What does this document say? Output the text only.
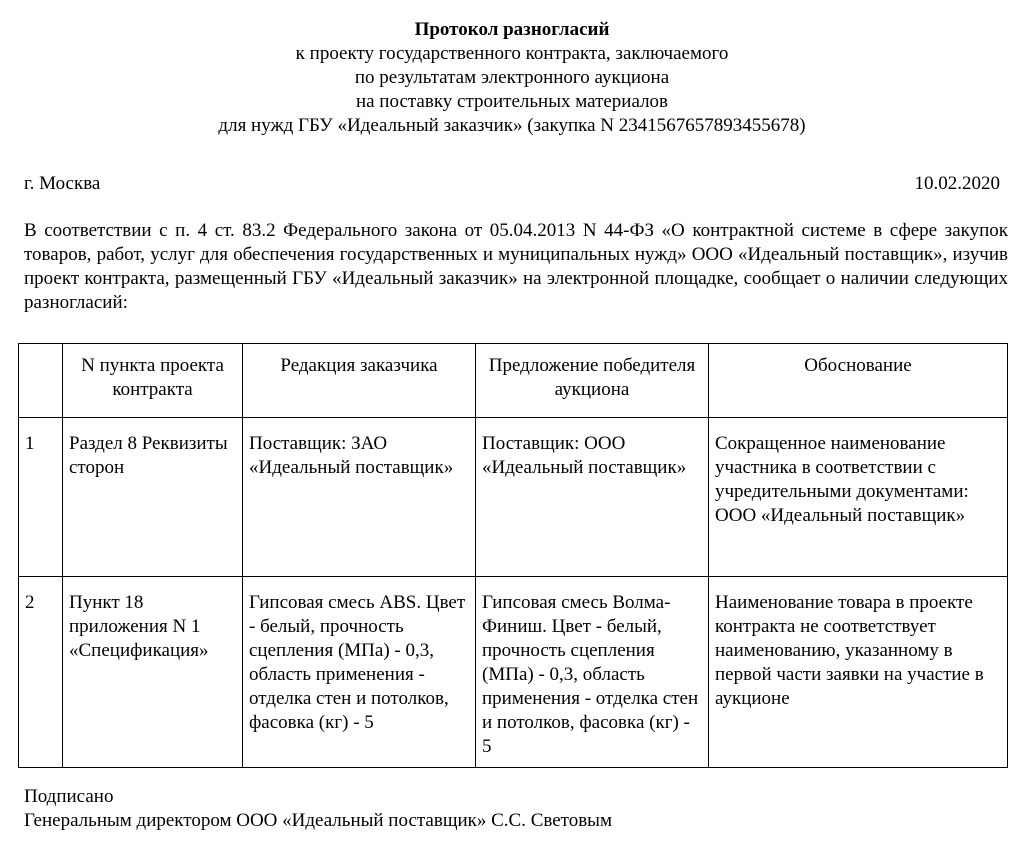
Протокол разногласий
к проекту государственного контракта, заключаемого
по результатам электронного аукциона
на поставку строительных материалов
для нужд ГБУ «Идеальный заказчик» (закупка N 2341567657893455678)
г. Москва	10.02.2020
В соответствии с п. 4 ст. 83.2 Федерального закона от 05.04.2013 N 44-ФЗ «О контрактной системе в сфере закупок товаров, работ, услуг для обеспечения государственных и муниципальных нужд» ООО «Идеальный поставщик», изучив проект контракта, размещенный ГБУ «Идеальный заказчик» на электронной площадке, сообщает о наличии следующих разногласий:
	N пункта проекта контракта	Редакция заказчика	Предложение победителя аукциона	Обоснование
1	Раздел 8 Реквизиты сторон	Поставщик: ЗАО «Идеальный поставщик»	Поставщик: ООО «Идеальный поставщик»	Сокращенное наименование участника в соответствии с учредительными документами: ООО «Идеальный поставщик»
2	Пункт 18 приложения N 1 «Спецификация»	Гипсовая смесь ABS. Цвет - белый, прочность сцепления (МПа) - 0,3, область применения - отделка стен и потолков, фасовка (кг) - 5	Гипсовая смесь Волма-Финиш. Цвет - белый, прочность сцепления (МПа) - 0,3, область применения - отделка стен и потолков, фасовка (кг) - 5	Наименование товара в проекте контракта не соответствует наименованию, указанному в первой части заявки на участие в аукционе
Подписано
Генеральным директором ООО «Идеальный поставщик» С.С. Световым
